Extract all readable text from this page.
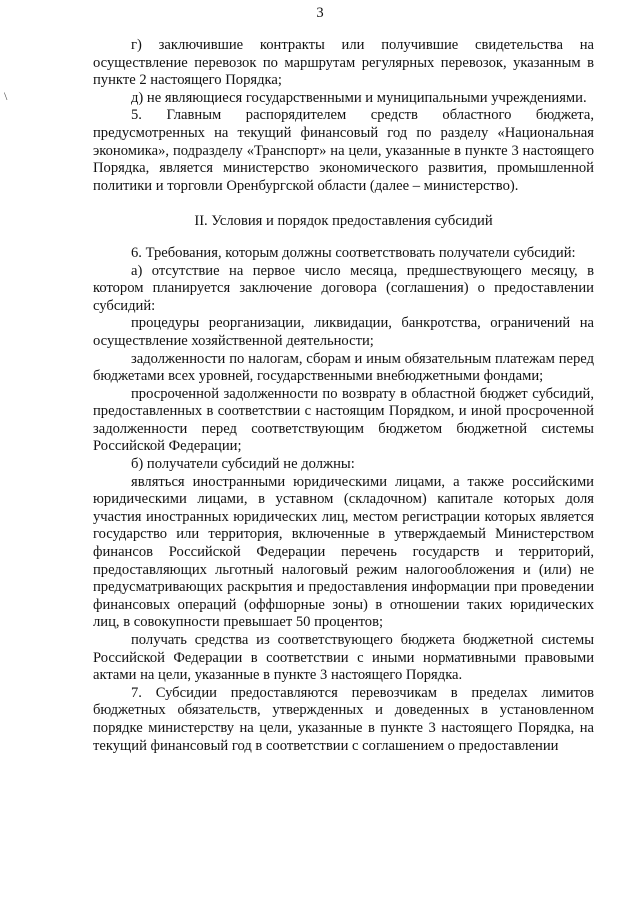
3
\
г) заключившие контракты или получившие свидетельства на осуществление перевозок по маршрутам регулярных перевозок, указанным в пункте 2 настоящего Порядка;
д) не являющиеся государственными и муниципальными учреждениями.
5. Главным распорядителем средств областного бюджета, предусмотренных на текущий финансовый год по разделу «Национальная экономика», подразделу «Транспорт» на цели, указанные в пункте 3 настоящего Порядка, является министерство экономического развития, промышленной политики и торговли Оренбургской области (далее – министерство).
II. Условия и порядок предоставления субсидий
6. Требования, которым должны соответствовать получатели субсидий:
а) отсутствие на первое число месяца, предшествующего месяцу, в котором планируется заключение договора (соглашения) о предоставлении субсидий:
процедуры реорганизации, ликвидации, банкротства, ограничений на осуществление хозяйственной деятельности;
задолженности по налогам, сборам и иным обязательным платежам перед бюджетами всех уровней, государственными внебюджетными фондами;
просроченной задолженности по возврату в областной бюджет субсидий, предоставленных в соответствии с настоящим Порядком, и иной просроченной задолженности перед соответствующим бюджетом бюджетной системы Российской Федерации;
б) получатели субсидий не должны:
являться иностранными юридическими лицами, а также российскими юридическими лицами, в уставном (складочном) капитале которых доля участия иностранных юридических лиц, местом регистрации которых является государство или территория, включенные в утверждаемый Министерством финансов Российской Федерации перечень государств и территорий, предоставляющих льготный налоговый режим налогообложения и (или) не предусматривающих раскрытия и предоставления информации при проведении финансовых операций (оффшорные зоны) в отношении таких юридических лиц, в совокупности превышает 50 процентов;
получать средства из соответствующего бюджета бюджетной системы Российской Федерации в соответствии с иными нормативными правовыми актами на цели, указанные в пункте 3 настоящего Порядка.
7. Субсидии предоставляются перевозчикам в пределах лимитов бюджетных обязательств, утвержденных и доведенных в установленном порядке министерству на цели, указанные в пункте 3 настоящего Порядка, на текущий финансовый год в соответствии с соглашением о предоставлении
